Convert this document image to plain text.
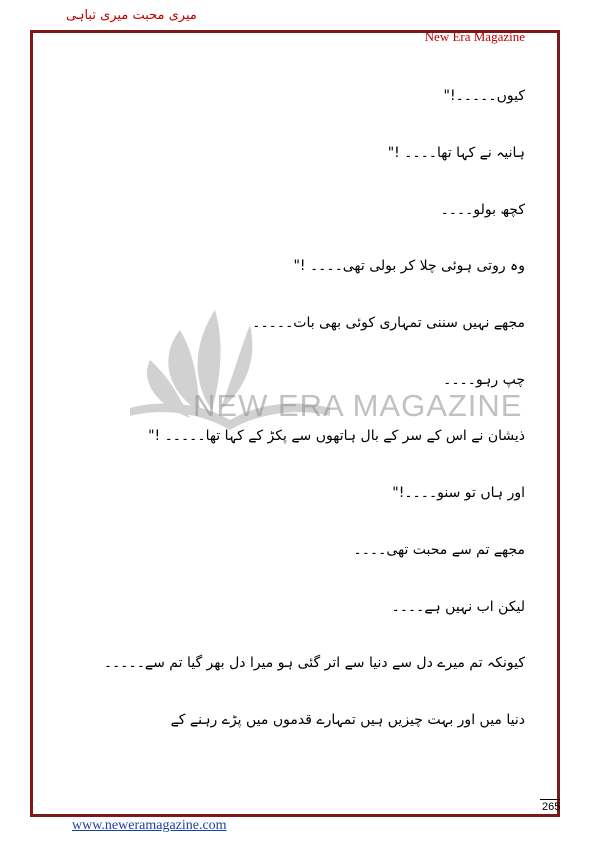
میری محبت میری تباہی
New Era Magazine
NEW ERA MAGAZINE
کیوں۔۔۔۔۔!"
ہانیہ نے کہا تھا۔۔۔۔ !"
کچھ بولو۔۔۔۔
وہ روتی ہوئی چلا کر بولی تھی۔۔۔۔ !"
مجھے نہیں سننی تمہاری کوئی بھی بات۔۔۔۔۔
چپ رہو۔۔۔۔
ذیشان نے اس کے سر کے بال ہاتھوں سے پکڑ کے کہا تھا۔۔۔۔۔ !"
اور ہاں تو سنو۔۔۔۔!"
مجھے تم سے محبت تھی۔۔۔۔
لیکن اب نہیں ہے۔۔۔۔
کیونکہ تم میرے دل سے دنیا سے اتر گئی ہو میرا دل بھر گیا تم سے۔۔۔۔۔
دنیا میں اور بہت چیزیں ہیں تمہارے قدموں میں پڑے رہنے کے
265
www.neweramagazine.com
